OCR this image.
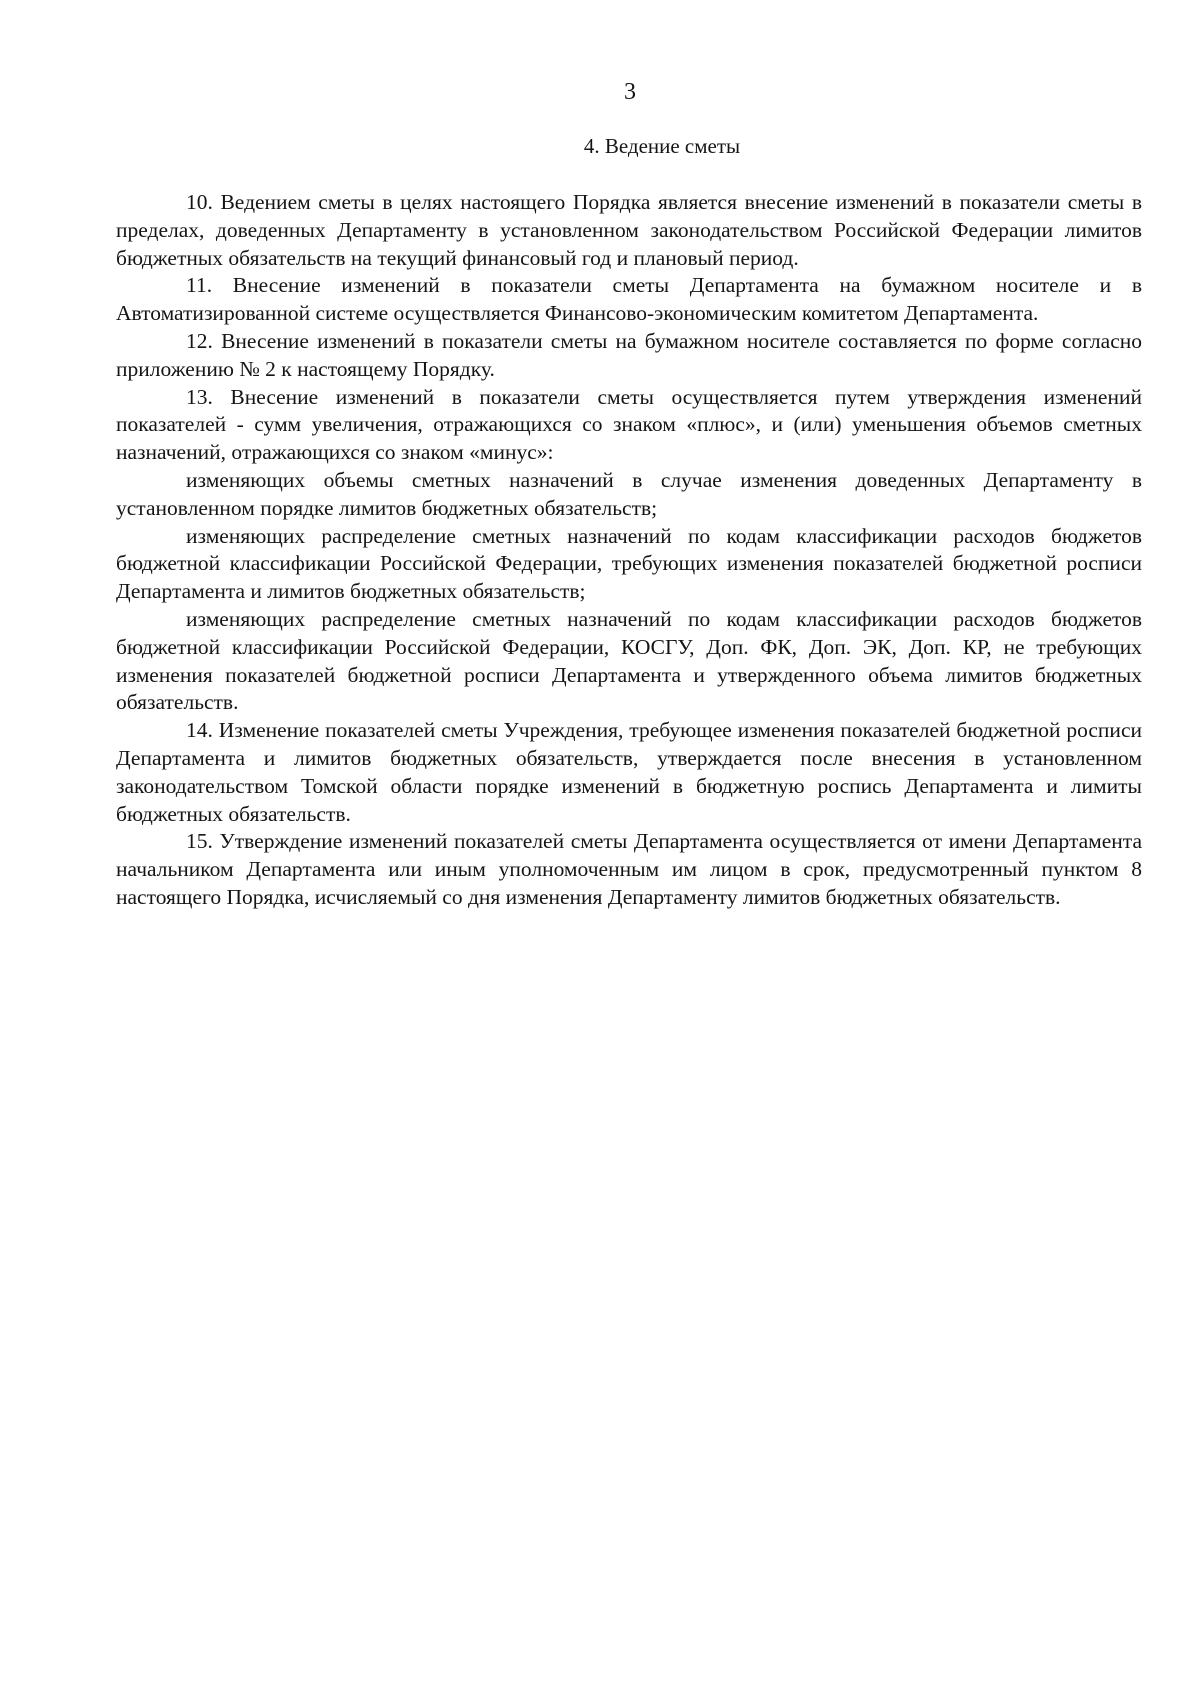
3
4. Ведение сметы

10. Ведением сметы в целях настоящего Порядка является внесение изменений в показатели сметы в пределах, доведенных Департаменту в установленном законодательством Российской Федерации лимитов бюджетных обязательств на текущий финансовый год и плановый период.

11. Внесение изменений в показатели сметы Департамента на бумажном носителе и в Автоматизированной системе осуществляется Финансово-экономическим комитетом Департамента.

12. Внесение изменений в показатели сметы на бумажном носителе составляется по форме согласно приложению № 2 к настоящему Порядку.

13. Внесение изменений в показатели сметы осуществляется путем утверждения изменений показателей - сумм увеличения, отражающихся со знаком «плюс», и (или) уменьшения объемов сметных назначений, отражающихся со знаком «минус»:

изменяющих объемы сметных назначений в случае изменения доведенных Департаменту в установленном порядке лимитов бюджетных обязательств;

изменяющих распределение сметных назначений по кодам классификации расходов бюджетов бюджетной классификации Российской Федерации, требующих изменения показателей бюджетной росписи Департамента и лимитов бюджетных обязательств;

изменяющих распределение сметных назначений по кодам классификации расходов бюджетов бюджетной классификации Российской Федерации, КОСГУ, Доп. ФК, Доп. ЭК, Доп. КР, не требующих изменения показателей бюджетной росписи Департамента и утвержденного объема лимитов бюджетных обязательств.

14. Изменение показателей сметы Учреждения, требующее изменения показателей бюджетной росписи Департамента и лимитов бюджетных обязательств, утверждается после внесения в установленном законодательством Томской области порядке изменений в бюджетную роспись Департамента и лимиты бюджетных обязательств.

15. Утверждение изменений показателей сметы Департамента осуществляется от имени Департамента начальником Департамента или иным уполномоченным им лицом в срок, предусмотренный пунктом 8 настоящего Порядка, исчисляемый со дня изменения Департаменту лимитов бюджетных обязательств.
